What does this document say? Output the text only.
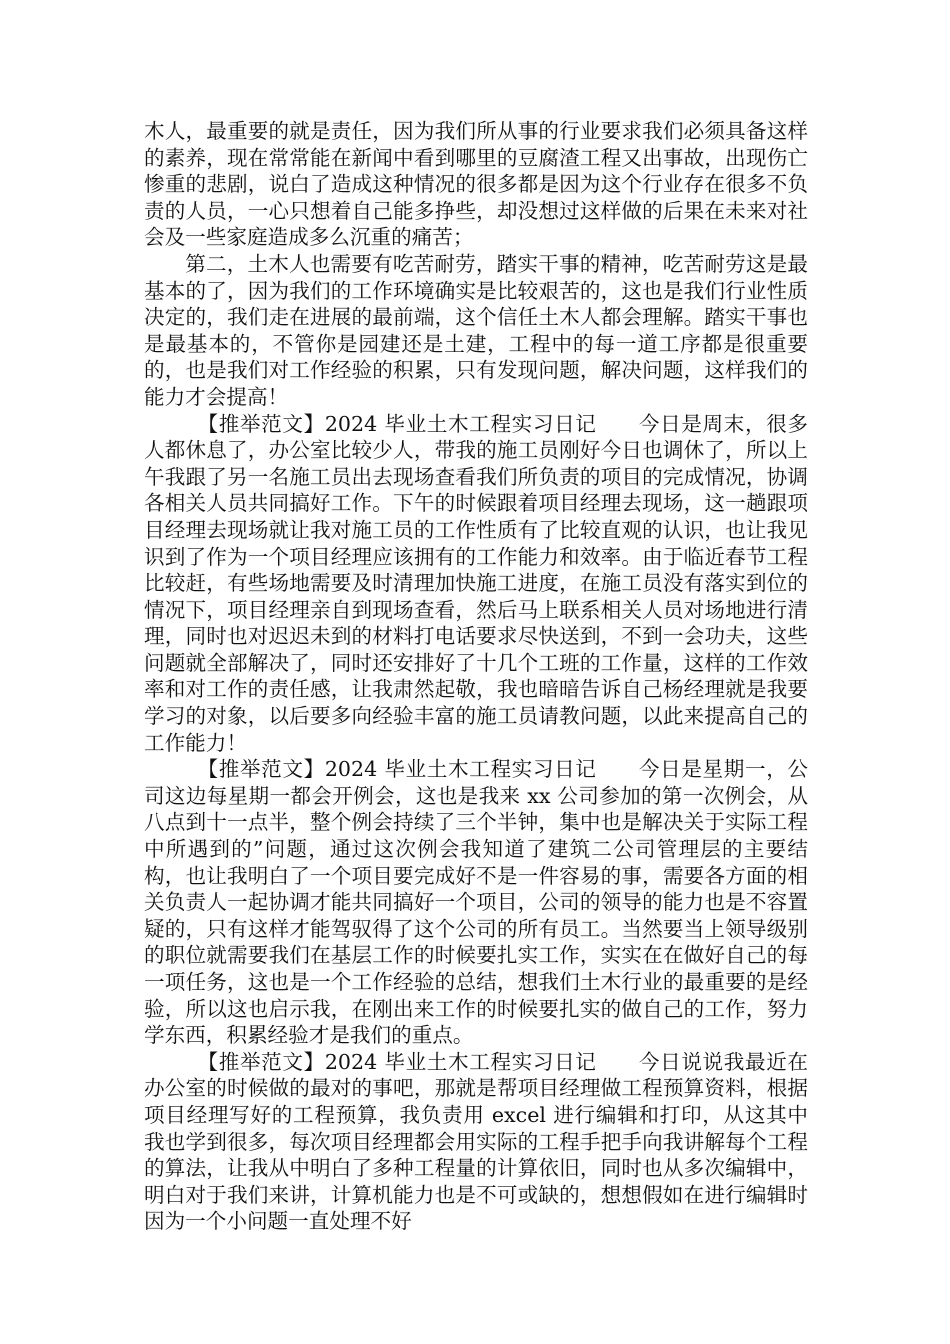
木人，最重要的就是责任，因为我们所从事的行业要求我们必须具备这样的素养，现在常常能在新闻中看到哪里的豆腐渣工程又出事故，出现伤亡惨重的悲剧，说白了造成这种情况的很多都是因为这个行业存在很多不负责的人员，一心只想着自己能多挣些，却没想过这样做的后果在未来对社会及一些家庭造成多么沉重的痛苦；

第二，土木人也需要有吃苦耐劳，踏实干事的精神，吃苦耐劳这是最基本的了，因为我们的工作环境确实是比较艰苦的，这也是我们行业性质决定的，我们走在进展的最前端，这个信任土木人都会理解。踏实干事也是最基本的，不管你是园建还是土建，工程中的每一道工序都是很重要的，也是我们对工作经验的积累，只有发现问题，解决问题，这样我们的能力才会提高！

【推举范文】2024 毕业土木工程实习日记　　今日是周末，很多人都休息了，办公室比较少人，带我的施工员刚好今日也调休了，所以上午我跟了另一名施工员出去现场查看我们所负责的项目的完成情况，协调各相关人员共同搞好工作。下午的时候跟着项目经理去现场，这一趟跟项目经理去现场就让我对施工员的工作性质有了比较直观的认识，也让我见识到了作为一个项目经理应该拥有的工作能力和效率。由于临近春节工程比较赶，有些场地需要及时清理加快施工进度，在施工员没有落实到位的情况下，项目经理亲自到现场查看，然后马上联系相关人员对场地进行清理，同时也对迟迟未到的材料打电话要求尽快送到，不到一会功夫，这些问题就全部解决了，同时还安排好了十几个工班的工作量，这样的工作效率和对工作的责任感，让我肃然起敬，我也暗暗告诉自己杨经理就是我要学习的对象，以后要多向经验丰富的施工员请教问题，以此来提高自己的工作能力！

【推举范文】2024 毕业土木工程实习日记　　今日是星期一，公司这边每星期一都会开例会，这也是我来 xx 公司参加的第一次例会，从八点到十一点半，整个例会持续了三个半钟，集中也是解决关于实际工程中所遇到的”问题，通过这次例会我知道了建筑二公司管理层的主要结构，也让我明白了一个项目要完成好不是一件容易的事，需要各方面的相关负责人一起协调才能共同搞好一个项目，公司的领导的能力也是不容置疑的，只有这样才能驾驭得了这个公司的所有员工。当然要当上领导级别的职位就需要我们在基层工作的时候要扎实工作，实实在在做好自己的每一项任务，这也是一个工作经验的总结，想我们土木行业的最重要的是经验，所以这也启示我，在刚出来工作的时候要扎实的做自己的工作，努力学东西，积累经验才是我们的重点。

【推举范文】2024 毕业土木工程实习日记　　今日说说我最近在办公室的时候做的最对的事吧，那就是帮项目经理做工程预算资料，根据项目经理写好的工程预算，我负责用 excel 进行编辑和打印，从这其中我也学到很多，每次项目经理都会用实际的工程手把手向我讲解每个工程的算法，让我从中明白了多种工程量的计算依旧，同时也从多次编辑中，明白对于我们来讲，计算机能力也是不可或缺的，想想假如在进行编辑时因为一个小问题一直处理不好
